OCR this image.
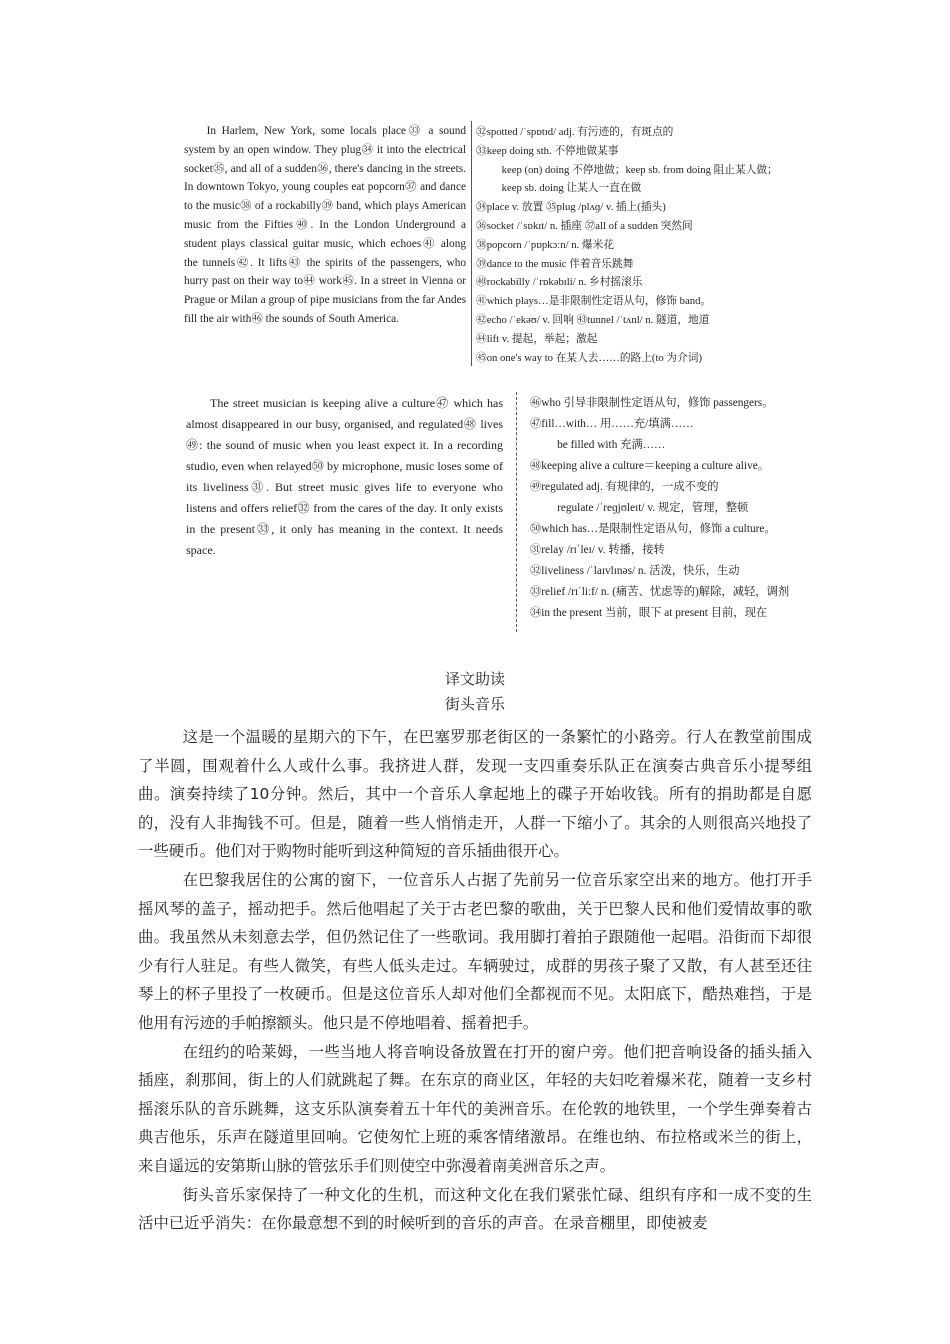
In Harlem, New York, some locals place㉝ a sound system by an open window. They plug㉞ it into the electrical socket㉟, and all of a sudden㊱, there's dancing in the streets. In downtown Tokyo, young couples eat popcorn㊲ and dance to the music㊳ of a rockabilly㊴ band, which plays American music from the Fifties㊵. In the London Underground a student plays classical guitar music, which echoes㊶ along the tunnels㊷. It lifts㊸ the spirits of the passengers, who hurry past on their way to㊹ work㊺. In a street in Vienna or Prague or Milan a group of pipe musicians from the far Andes fill the air with㊻ the sounds of South America.

㉜spotted /ˈspɒtɪd/ adj. 有污迹的，有斑点的
㉝keep doing sth. 不停地做某事
keep (on) doing 不停地做；keep sb. from doing 阻止某人做；
keep sb. doing 让某人一直在做
㉞place v. 放置 ㉟plug /plʌɡ/ v. 插上(插头)
㊱socket /ˈsɒkɪt/ n. 插座 ㊲all of a sudden 突然间
㊳popcorn /ˈpɒpkɔːn/ n. 爆米花
㊴dance to the music 伴着音乐跳舞
㊵rockabilly /ˈrɒkəbɪli/ n. 乡村摇滚乐
㊶which plays…是非限制性定语从句，修饰 band。
㊷echo /ˈekəʊ/ v. 回响 ㊸tunnel /ˈtʌnl/ n. 隧道，地道
㊹lift v. 提起，举起；激起
㊺on one's way to 在某人去……的路上(to 为介词)

The street musician is keeping alive a culture㊼ which has almost disappeared in our busy, organised, and regulated㊽ lives㊾: the sound of music when you least expect it. In a recording studio, even when relayed㊿ by microphone, music loses some of its liveliness㉛. But street music gives life to everyone who listens and offers relief㉜ from the cares of the day. It only exists in the present㉝, it only has meaning in the context. It needs space.

㊻who 引导非限制性定语从句，修饰 passengers。
㊼fill…with… 用……充/填满……
be filled with 充满……
㊽keeping alive a culture＝keeping a culture alive。
㊾regulated adj. 有规律的，一成不变的
regulate /ˈreɡjʊleɪt/ v. 规定，管理，整顿
㊿which has…是限制性定语从句，修饰 a culture。
㉛relay /rɪˈleɪ/ v. 转播，接转
㉜liveliness /ˈlaɪvlɪnəs/ n. 活泼，快乐，生动
㉝relief /rɪˈliːf/ n. (痛苦、忧虑等的)解除，减轻，调剂
㉞in the present 当前，眼下 at present 目前，现在
译文助读
街头音乐

这是一个温暖的星期六的下午，在巴塞罗那老街区的一条繁忙的小路旁。行人在教堂前围成了半圆，围观着什么人或什么事。我挤进人群，发现一支四重奏乐队正在演奏古典音乐小提琴组曲。演奏持续了10分钟。然后，其中一个音乐人拿起地上的碟子开始收钱。所有的捐助都是自愿的，没有人非掏钱不可。但是，随着一些人悄悄走开，人群一下缩小了。其余的人则很高兴地投了一些硬币。他们对于购物时能听到这种简短的音乐插曲很开心。

在巴黎我居住的公寓的窗下，一位音乐人占据了先前另一位音乐家空出来的地方。他打开手摇风琴的盖子，摇动把手。然后他唱起了关于古老巴黎的歌曲，关于巴黎人民和他们爱情故事的歌曲。我虽然从未刻意去学，但仍然记住了一些歌词。我用脚打着拍子跟随他一起唱。沿街而下却很少有行人驻足。有些人微笑，有些人低头走过。车辆驶过，成群的男孩子聚了又散，有人甚至还往琴上的杯子里投了一枚硬币。但是这位音乐人却对他们全都视而不见。太阳底下，酷热难挡，于是他用有污迹的手帕擦额头。他只是不停地唱着、摇着把手。

在纽约的哈莱姆，一些当地人将音响设备放置在打开的窗户旁。他们把音响设备的插头插入插座，刹那间，街上的人们就跳起了舞。在东京的商业区，年轻的夫妇吃着爆米花，随着一支乡村摇滚乐队的音乐跳舞，这支乐队演奏着五十年代的美洲音乐。在伦敦的地铁里，一个学生弹奏着古典吉他乐，乐声在隧道里回响。它使匆忙上班的乘客情绪激昂。在维也纳、布拉格或米兰的街上，来自遥远的安第斯山脉的管弦乐手们则使空中弥漫着南美洲音乐之声。

街头音乐家保持了一种文化的生机，而这种文化在我们紧张忙碌、组织有序和一成不变的生活中已近乎消失：在你最意想不到的时候听到的音乐的声音。在录音棚里，即使被麦
